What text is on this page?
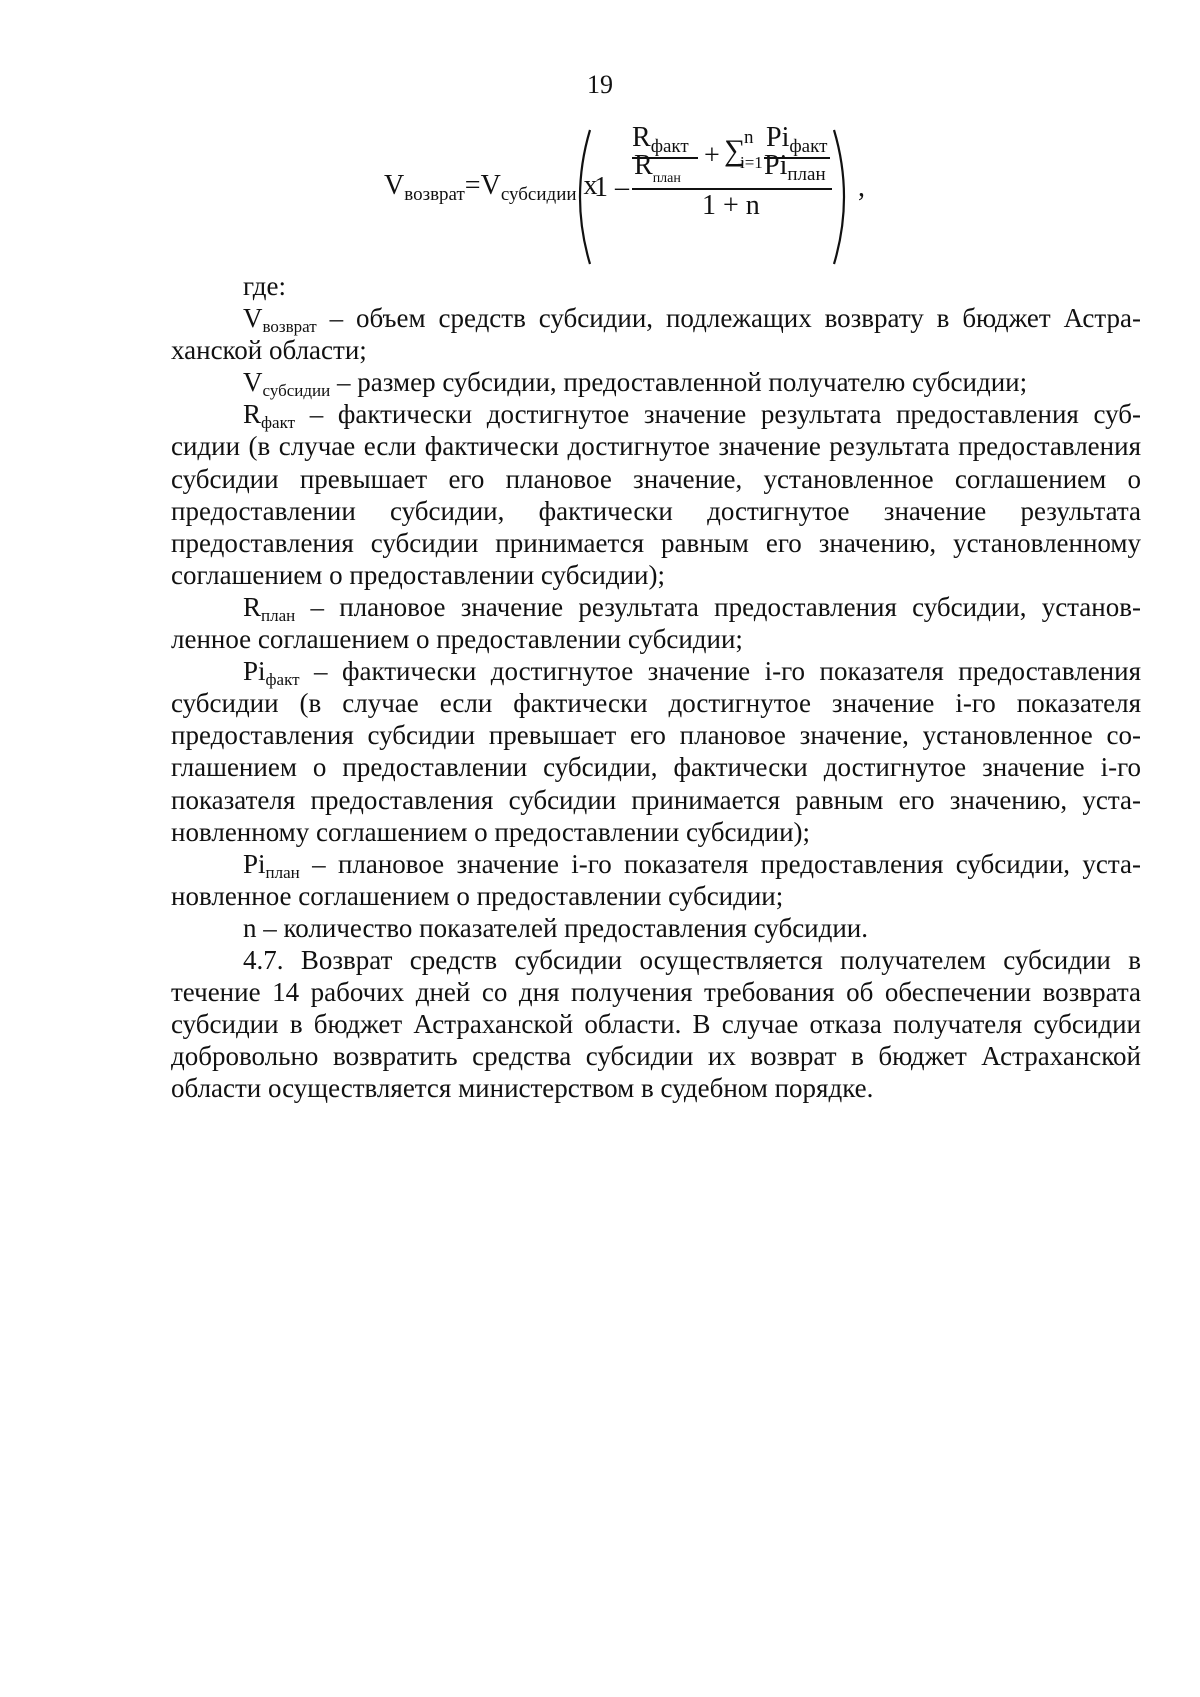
19
$V_{возврат}=V_{субсидии}$ x
1 –
$R_{факт}$
$R_{план}$
+ ∑
n
i=1
$Pi_{факт}$
$Pi_{план}$
1 + n
,

где:

$V_{возврат}$ – объем средств субсидии, подлежащих возврату в бюджет Астраханской области;

$V_{субсидии}$ – размер субсидии, предоставленной получателю субсидии;

$R_{факт}$ – фактически достигнутое значение результата предоставления субсидии (в случае если фактически достигнутое значение результата предоставления субсидии превышает его плановое значение, установленное соглашением о предоставлении субсидии, фактически достигнутое значение результата предоставления субсидии принимается равным его значению, установленному соглашением о предоставлении субсидии);

$R_{план}$ – плановое значение результата предоставления субсидии, установленное соглашением о предоставлении субсидии;

$Pi_{факт}$ – фактически достигнутое значение i-го показателя предоставления субсидии (в случае если фактически достигнутое значение i-го показателя предоставления субсидии превышает его плановое значение, установленное соглашением о предоставлении субсидии, фактически достигнутое значение i-го показателя предоставления субсидии принимается равным его значению, установленному соглашением о предоставлении субсидии);

$Pi_{план}$ – плановое значение i-го показателя предоставления субсидии, установленное соглашением о предоставлении субсидии;

n – количество показателей предоставления субсидии.

4.7. Возврат средств субсидии осуществляется получателем субсидии в течение 14 рабочих дней со дня получения требования об обеспечении возврата субсидии в бюджет Астраханской области. В случае отказа получателя субсидии добровольно возвратить средства субсидии их возврат в бюджет Астраханской области осуществляется министерством в судебном порядке.
